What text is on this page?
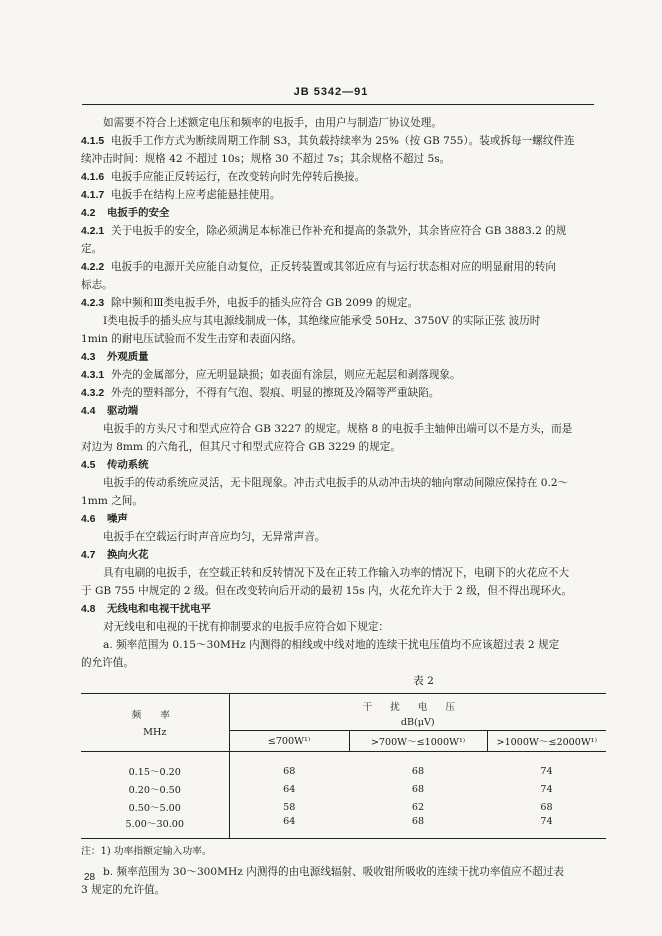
JB 5342—91
如需要不符合上述额定电压和频率的电扳手，由用户与制造厂协议处理。
4.1.5 电扳手工作方式为断续周期工作制 S3，其负载持续率为 25%（按 GB 755）。装或拆每一螺纹件连
续冲击时间：规格 42 不超过 10s；规格 30 不超过 7s；其余规格不超过 5s。
4.1.6 电扳手应能正反转运行，在改变转向时先停转后换接。
4.1.7 电扳手在结构上应考虑能悬挂使用。
4.2 电扳手的安全
4.2.1 关于电扳手的安全，除必须满足本标准已作补充和提高的条款外，其余皆应符合 GB 3883.2 的规
定。
4.2.2 电扳手的电源开关应能自动复位，正反转装置或其邻近应有与运行状态相对应的明显耐用的转向
标志。
4.2.3 除中频和Ⅲ类电扳手外，电扳手的插头应符合 GB 2099 的规定。
Ⅰ类电扳手的插头应与其电源线制成一体，其绝缘应能承受 50Hz、3750V 的实际正弦 波历时
1min 的耐电压试验而不发生击穿和表面闪络。
4.3 外观质量
4.3.1 外壳的金属部分，应无明显缺损；如表面有涂层，则应无起层和剥落现象。
4.3.2 外壳的塑料部分，不得有气泡、裂痕、明显的擦斑及冷隔等严重缺陷。
4.4 驱动端
电扳手的方头尺寸和型式应符合 GB 3227 的规定。规格 8 的电扳手主轴伸出端可以不是方头，而是
对边为 8mm 的六角孔，但其尺寸和型式应符合 GB 3229 的规定。
4.5 传动系统
电扳手的传动系统应灵活，无卡阻现象。冲击式电扳手的从动冲击块的轴向窜动间隙应保持在 0.2～
1mm 之间。
4.6 噪声
电扳手在空载运行时声音应均匀，无异常声音。
4.7 换向火花
具有电刷的电扳手，在空载正转和反转情况下及在正转工作输入功率的情况下，电刷下的火花应不大
于 GB 755 中规定的 2 级。但在改变转向后开动的最初 15s 内，火花允许大于 2 级，但不得出现环火。
4.8 无线电和电视干扰电平
对无线电和电视的干扰有抑制要求的电扳手应符合如下规定：
a. 频率范围为 0.15～30MHz 内测得的相线或中线对地的连续干扰电压值均不应该超过表 2 规定
的允许值。
表 2
频 率
MHz	干扰电压		
	dB(μV)		
	≤700W¹⁾	>700W～≤1000W¹⁾	>1000W～≤2000W¹⁾

0.15～0.20	68	68	74
0.20～0.50	64	68	74
0.50～5.00	58	62	68
5.00～30.00	64	68	74
注：1) 功率指额定输入功率。
b. 频率范围为 30～300MHz 内测得的由电源线辐射、吸收钳所吸收的连续干扰功率值应不超过表
3 规定的允许值。
28
